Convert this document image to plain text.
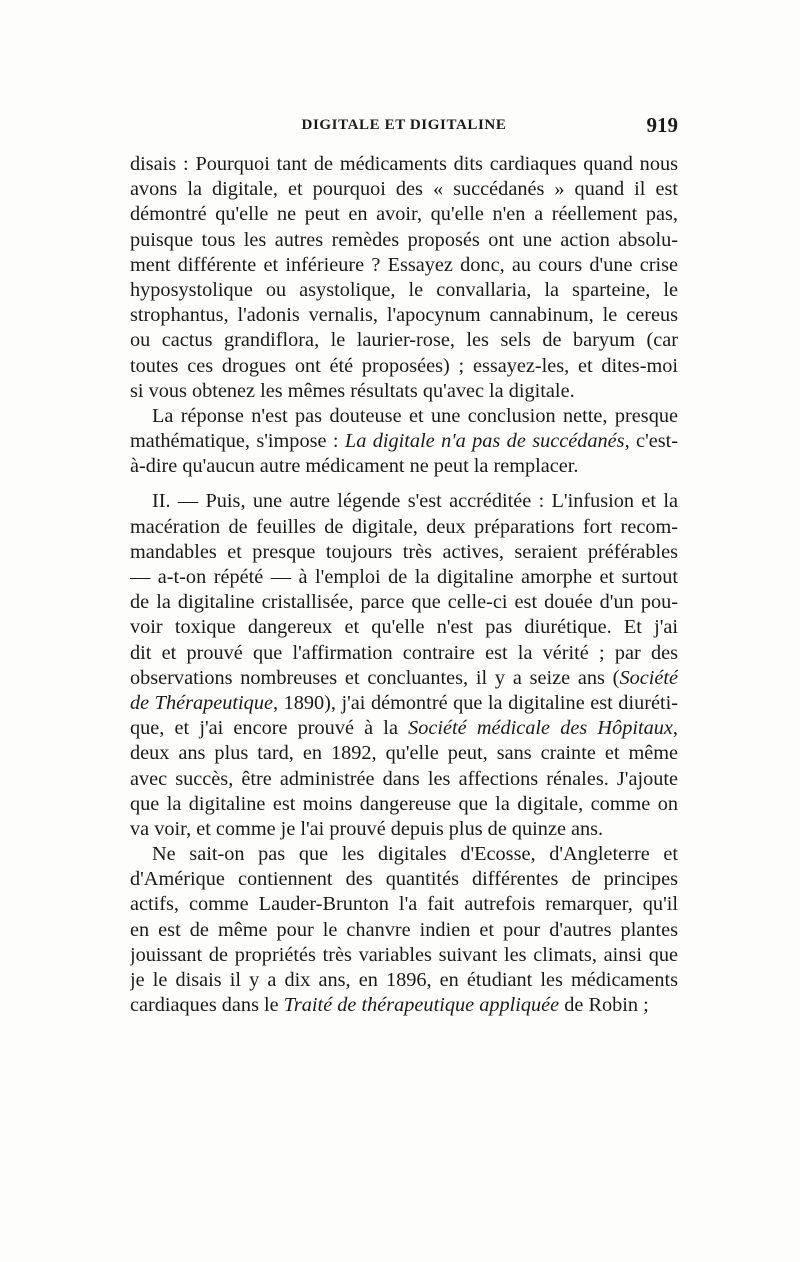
DIGITALE ET DIGITALINE	919
disais : Pourquoi tant de médicaments dits cardiaques quand nous
avons la digitale, et pourquoi des « succédanés » quand il est
démontré qu'elle ne peut en avoir, qu'elle n'en a réellement pas,
puisque tous les autres remèdes proposés ont une action absolu-
ment différente et inférieure ? Essayez donc, au cours d'une crise
hyposystolique ou asystolique, le convallaria, la sparteine, le
strophantus, l'adonis vernalis, l'apocynum cannabinum, le cereus
ou cactus grandiflora, le laurier-rose, les sels de baryum (car
toutes ces drogues ont été proposées) ; essayez-les, et dites-moi
si vous obtenez les mêmes résultats qu'avec la digitale.
La réponse n'est pas douteuse et une conclusion nette, presque
mathématique, s'impose : La digitale n'a pas de succédanés, c'est-
à-dire qu'aucun autre médicament ne peut la remplacer.
II. — Puis, une autre légende s'est accréditée : L'infusion et la
macération de feuilles de digitale, deux préparations fort recom-
mandables et presque toujours très actives, seraient préférables
— a-t-on répété — à l'emploi de la digitaline amorphe et surtout
de la digitaline cristallisée, parce que celle-ci est douée d'un pou-
voir toxique dangereux et qu'elle n'est pas diurétique. Et j'ai
dit et prouvé que l'affirmation contraire est la vérité ; par des
observations nombreuses et concluantes, il y a seize ans (Société
de Thérapeutique, 1890), j'ai démontré que la digitaline est diuréti-
que, et j'ai encore prouvé à la Société médicale des Hôpitaux,
deux ans plus tard, en 1892, qu'elle peut, sans crainte et même
avec succès, être administrée dans les affections rénales. J'ajoute
que la digitaline est moins dangereuse que la digitale, comme on
va voir, et comme je l'ai prouvé depuis plus de quinze ans.
Ne sait-on pas que les digitales d'Ecosse, d'Angleterre et
d'Amérique contiennent des quantités différentes de principes
actifs, comme Lauder-Brunton l'a fait autrefois remarquer, qu'il
en est de même pour le chanvre indien et pour d'autres plantes
jouissant de propriétés très variables suivant les climats, ainsi que
je le disais il y a dix ans, en 1896, en étudiant les médicaments
cardiaques dans le Traité de thérapeutique appliquée de Robin ;
